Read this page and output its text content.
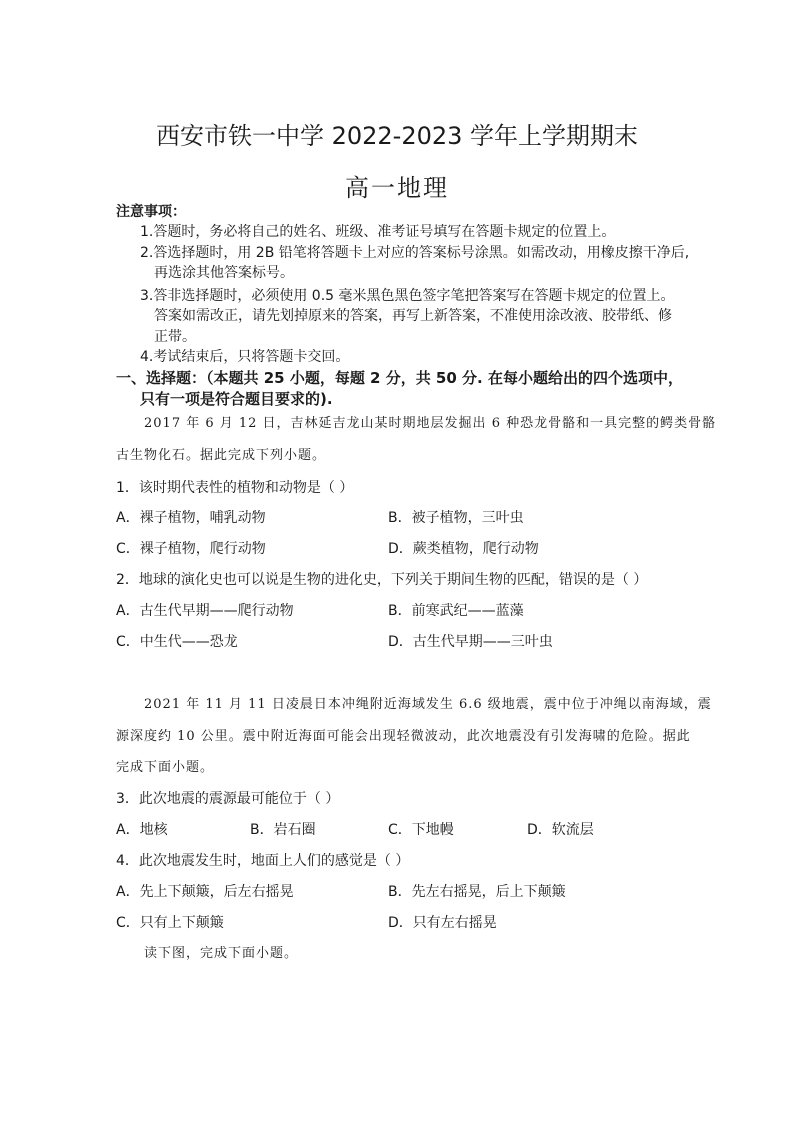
西安市铁一中学 2022-2023 学年上学期期末
高一地理
注意事项：
1.答题时，务必将自己的姓名、班级、准考证号填写在答题卡规定的位置上。
2.答选择题时，用 2B 铅笔将答题卡上对应的答案标号涂黑。如需改动，用橡皮擦干净后,
再选涂其他答案标号。
3.答非选择题时，必须使用 0.5 毫米黑色黑色签字笔把答案写在答题卡规定的位置上。
答案如需改正，请先划掉原来的答案，再写上新答案，不准使用涂改液、胶带纸、修
正带。
4.考试结束后，只将答题卡交回。
一、选择题：（本题共 25 小题，每题 2 分，共 50 分. 在每小题给出的四个选项中，
只有一项是符合题目要求的).
2017 年 6 月 12 日，吉林延吉龙山某时期地层发掘出 6 种恐龙骨骼和一具完整的鳄类骨骼
古生物化石。据此完成下列小题。
1．该时期代表性的植物和动物是（ ）
A．裸子植物，哺乳动物	B．被子植物，三叶虫
C．裸子植物，爬行动物	D．蕨类植物，爬行动物
2．地球的演化史也可以说是生物的进化史，下列关于期间生物的匹配，错误的是（ ）
A．古生代早期——爬行动物	B．前寒武纪——蓝藻
C．中生代——恐龙	D．古生代早期——三叶虫
2021 年 11 月 11 日凌晨日本冲绳附近海域发生 6.6 级地震，震中位于冲绳以南海域，震
源深度约 10 公里。震中附近海面可能会出现轻微波动，此次地震没有引发海啸的危险。据此
完成下面小题。
3．此次地震的震源最可能位于（ ）
A．地核	B．岩石圈	C．下地幔	D．软流层
4．此次地震发生时，地面上人们的感觉是（ ）
A．先上下颠簸，后左右摇晃	B．先左右摇晃，后上下颠簸
C．只有上下颠簸	D．只有左右摇晃
读下图，完成下面小题。
